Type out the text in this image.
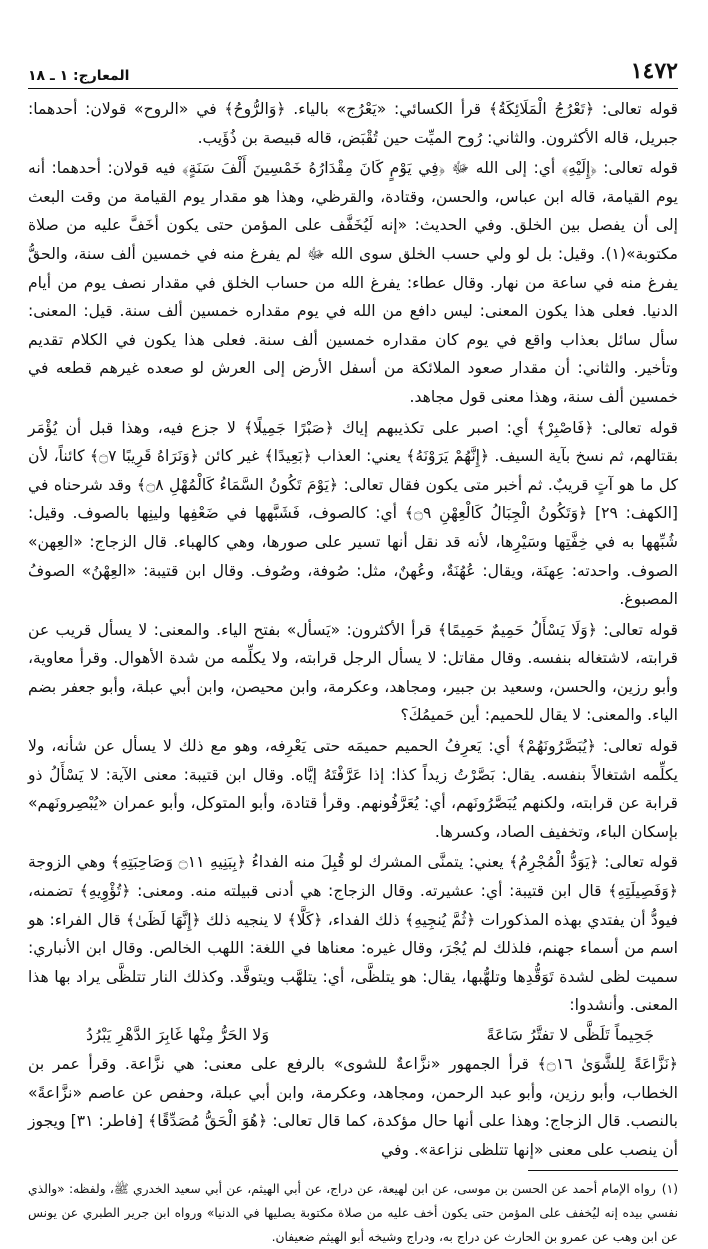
١٤٧٢
المعارج: ١ ـ ١٨

قوله تعالى: ﴿تَعْرُجُ الْمَلَائِكَةُ﴾ قرأ الكسائي: «يَعْرُج» بالياء. ﴿وَالرُّوحُ﴾ في «الروح» قولان: أحدهما: جبريل، قاله الأكثرون. والثاني: رُوح الميِّت حين تُقْبَض، قاله قبيصة بن ذُؤَيب.

قوله تعالى: ﴿إِلَيْهِ﴾ أي: إلى الله ﷻ ﴿فِي يَوْمٍ كَانَ مِقْدَارُهُ خَمْسِينَ أَلْفَ سَنَةٍ﴾ فيه قولان: أحدهما: أنه يوم القيامة، قاله ابن عباس، والحسن، وقتادة، والقرظي، وهذا هو مقدار يوم القيامة من وقت البعث إلى أن يفصل بين الخلق. وفي الحديث: «إنه لَيُخَفَّف على المؤمن حتى يكون أخَفَّ عليه من صلاة مكتوبة»(١). وقيل: بل لو ولي حسب الخلق سوى الله ﷻ لم يفرغ منه في خمسين ألف سنة، والحقُّ يفرغ منه في ساعة من نهار. وقال عطاء: يفرغ الله من حساب الخلق في مقدار نصف يوم من أيام الدنيا. فعلى هذا يكون المعنى: ليس دافع من الله في يوم مقداره خمسين ألف سنة. قيل: المعنى: سأل سائل بعذاب واقع في يوم كان مقداره خمسين ألف سنة. فعلى هذا يكون في الكلام تقديم وتأخير. والثاني: أن مقدار صعود الملائكة من أسفل الأرض إلى العرش لو صعده غيرهم قطعه في خمسين ألف سنة، وهذا معنى قول مجاهد.

قوله تعالى: ﴿فَاصْبِرْ﴾ أي: اصبر على تكذيبهم إياك ﴿صَبْرًا جَمِيلًا﴾ لا جزع فيه، وهذا قبل أن يُؤْمَر بقتالهم، ثم نسخ بآية السيف. ﴿إِنَّهُمْ يَرَوْنَهُ﴾ يعني: العذاب ﴿بَعِيدًا﴾ غير كائن ﴿وَنَرَاهُ قَرِيبًا ۝٧﴾ كائناً، لأن كل ما هو آتٍ قريبٌ. ثم أخبر متى يكون فقال تعالى: ﴿يَوْمَ تَكُونُ السَّمَاءُ كَالْمُهْلِ ۝٨﴾ وقد شرحناه في [الكهف: ٢٩] ﴿وَتَكُونُ الْجِبَالُ كَالْعِهْنِ ۝٩﴾ أي: كالصوف، فَشَبَّهها في ضَعْفِها ولينِها بالصوف. وقيل: شُبِّهها به في خِفَّتِها وسَيْرِها، لأنه قد نقل أنها تسير على صورها، وهي كالهباء. قال الزجاج: «العِهن» الصوف. واحدته: عِهنَة، ويقال: عُهُنَةٌ، وعُهنٌ، مثل: صُوفة، وصُوف. وقال ابن قتيبة: «العِهْنُ» الصوفُ المصبوغ.

قوله تعالى: ﴿وَلَا يَسْأَلُ حَمِيمٌ حَمِيمًا﴾ قرأ الأكثرون: «يَسأل» بفتح الياء. والمعنى: لا يسأل قريب عن قرابته، لاشتغاله بنفسه. وقال مقاتل: لا يسأل الرجل قرابته، ولا يكلِّمه من شدة الأهوال. وقرأ معاوية، وأبو رزين، والحسن، وسعيد بن جبير، ومجاهد، وعكرمة، وابن محيصن، وابن أبي عبلة، وأبو جعفر بضم الياء. والمعنى: لا يقال للحميم: أين حَميمُكَ؟

قوله تعالى: ﴿يُبَصَّرُونَهُمْ﴾ أي: يَعرِفُ الحميم حميمَه حتى يَعْرِفه، وهو مع ذلك لا يسأل عن شأنه، ولا يكلِّمه اشتغالاً بنفسه. يقال: بَصَّرْتُ زيداً كذا: إذا عَرَّفْتَهُ إيَّاه. وقال ابن قتيبة: معنى الآية: لا يَسْأَلُ ذو قرابة عن قرابته، ولكنهم يُبَصَّرُونَهم، أي: يُعَرَّفُونهم. وقرأ قتادة، وأبو المتوكل، وأبو عمران «يُبْصِرونَهم» بإسكان الباء، وتخفيف الصاد، وكسرها.

قوله تعالى: ﴿يَوَدُّ الْمُجْرِمُ﴾ يعني: يتمنَّى المشرك لو قُبِلَ منه الفداءُ ﴿بِبَنِيهِ ۝١١ وَصَاحِبَتِهِ﴾ وهي الزوجة ﴿وَفَصِيلَتِهِ﴾ قال ابن قتيبة: أي: عشيرته. وقال الزجاج: هي أدنى قبيلته منه. ومعنى: ﴿تُؤْوِيهِ﴾ تضمنه، فيودُّ أن يفتدي بهذه المذكورات ﴿ثُمَّ يُنجِيهِ﴾ ذلك الفداء، ﴿كَلَّا﴾ لا ينجيه ذلك ﴿إِنَّهَا لَظَىٰ﴾ قال الفراء: هو اسم من أسماء جهنم، فلذلك لم يُجْرَ، وقال غيره: معناها في اللغة: اللهب الخالص. وقال ابن الأنباري: سميت لظى لشدة تَوَقُّدِها وتلهُّبها، يقال: هو يتلظَّى، أي: يتلهَّب ويتوقَّد. وكذلك النار تتلظَّى يراد بها هذا المعنى. وأنشدوا:

جَحِيماً تَلَظَّى لا تفتَّرُ سَاعَةً
وَلا الحَرُّ مِنْها غَابِرَ الدَّهْرِ يَبْرُدُ

﴿نَزَّاعَةً لِلشَّوَىٰ ۝١٦﴾ قرأ الجمهور «نزَّاعةٌ للشوى» بالرفع على معنى: هي نزَّاعة. وقرأ عمر بن الخطاب، وأبو رزين، وأبو عبد الرحمن، ومجاهد، وعكرمة، وابن أبي عبلة، وحفص عن عاصم «نزَّاعةً» بالنصب. قال الزجاج: وهذا على أنها حال مؤكدة، كما قال تعالى: ﴿هُوَ الْحَقُّ مُصَدِّقًا﴾ [فاطر: ٣١] ويجوز أن ينصب على معنى «إنها تتلظى نزاعة». وفي

(١)رواه الإمام أحمد عن الحسن بن موسى، عن ابن لهيعة، عن دراج، عن أبي الهيثم، عن أبي سعيد الخدري ﷺ، ولفظه: «والذي نفسي بيده إنه ليُخفف على المؤمن حتى يكون أخف عليه من صلاة مكتوبة يصليها في الدنيا» ورواه ابن جرير الطبري عن يونس عن ابن وهب عن عمرو بن الحارث عن دراج به، ودراج وشيخه أبو الهيثم ضعيفان.
